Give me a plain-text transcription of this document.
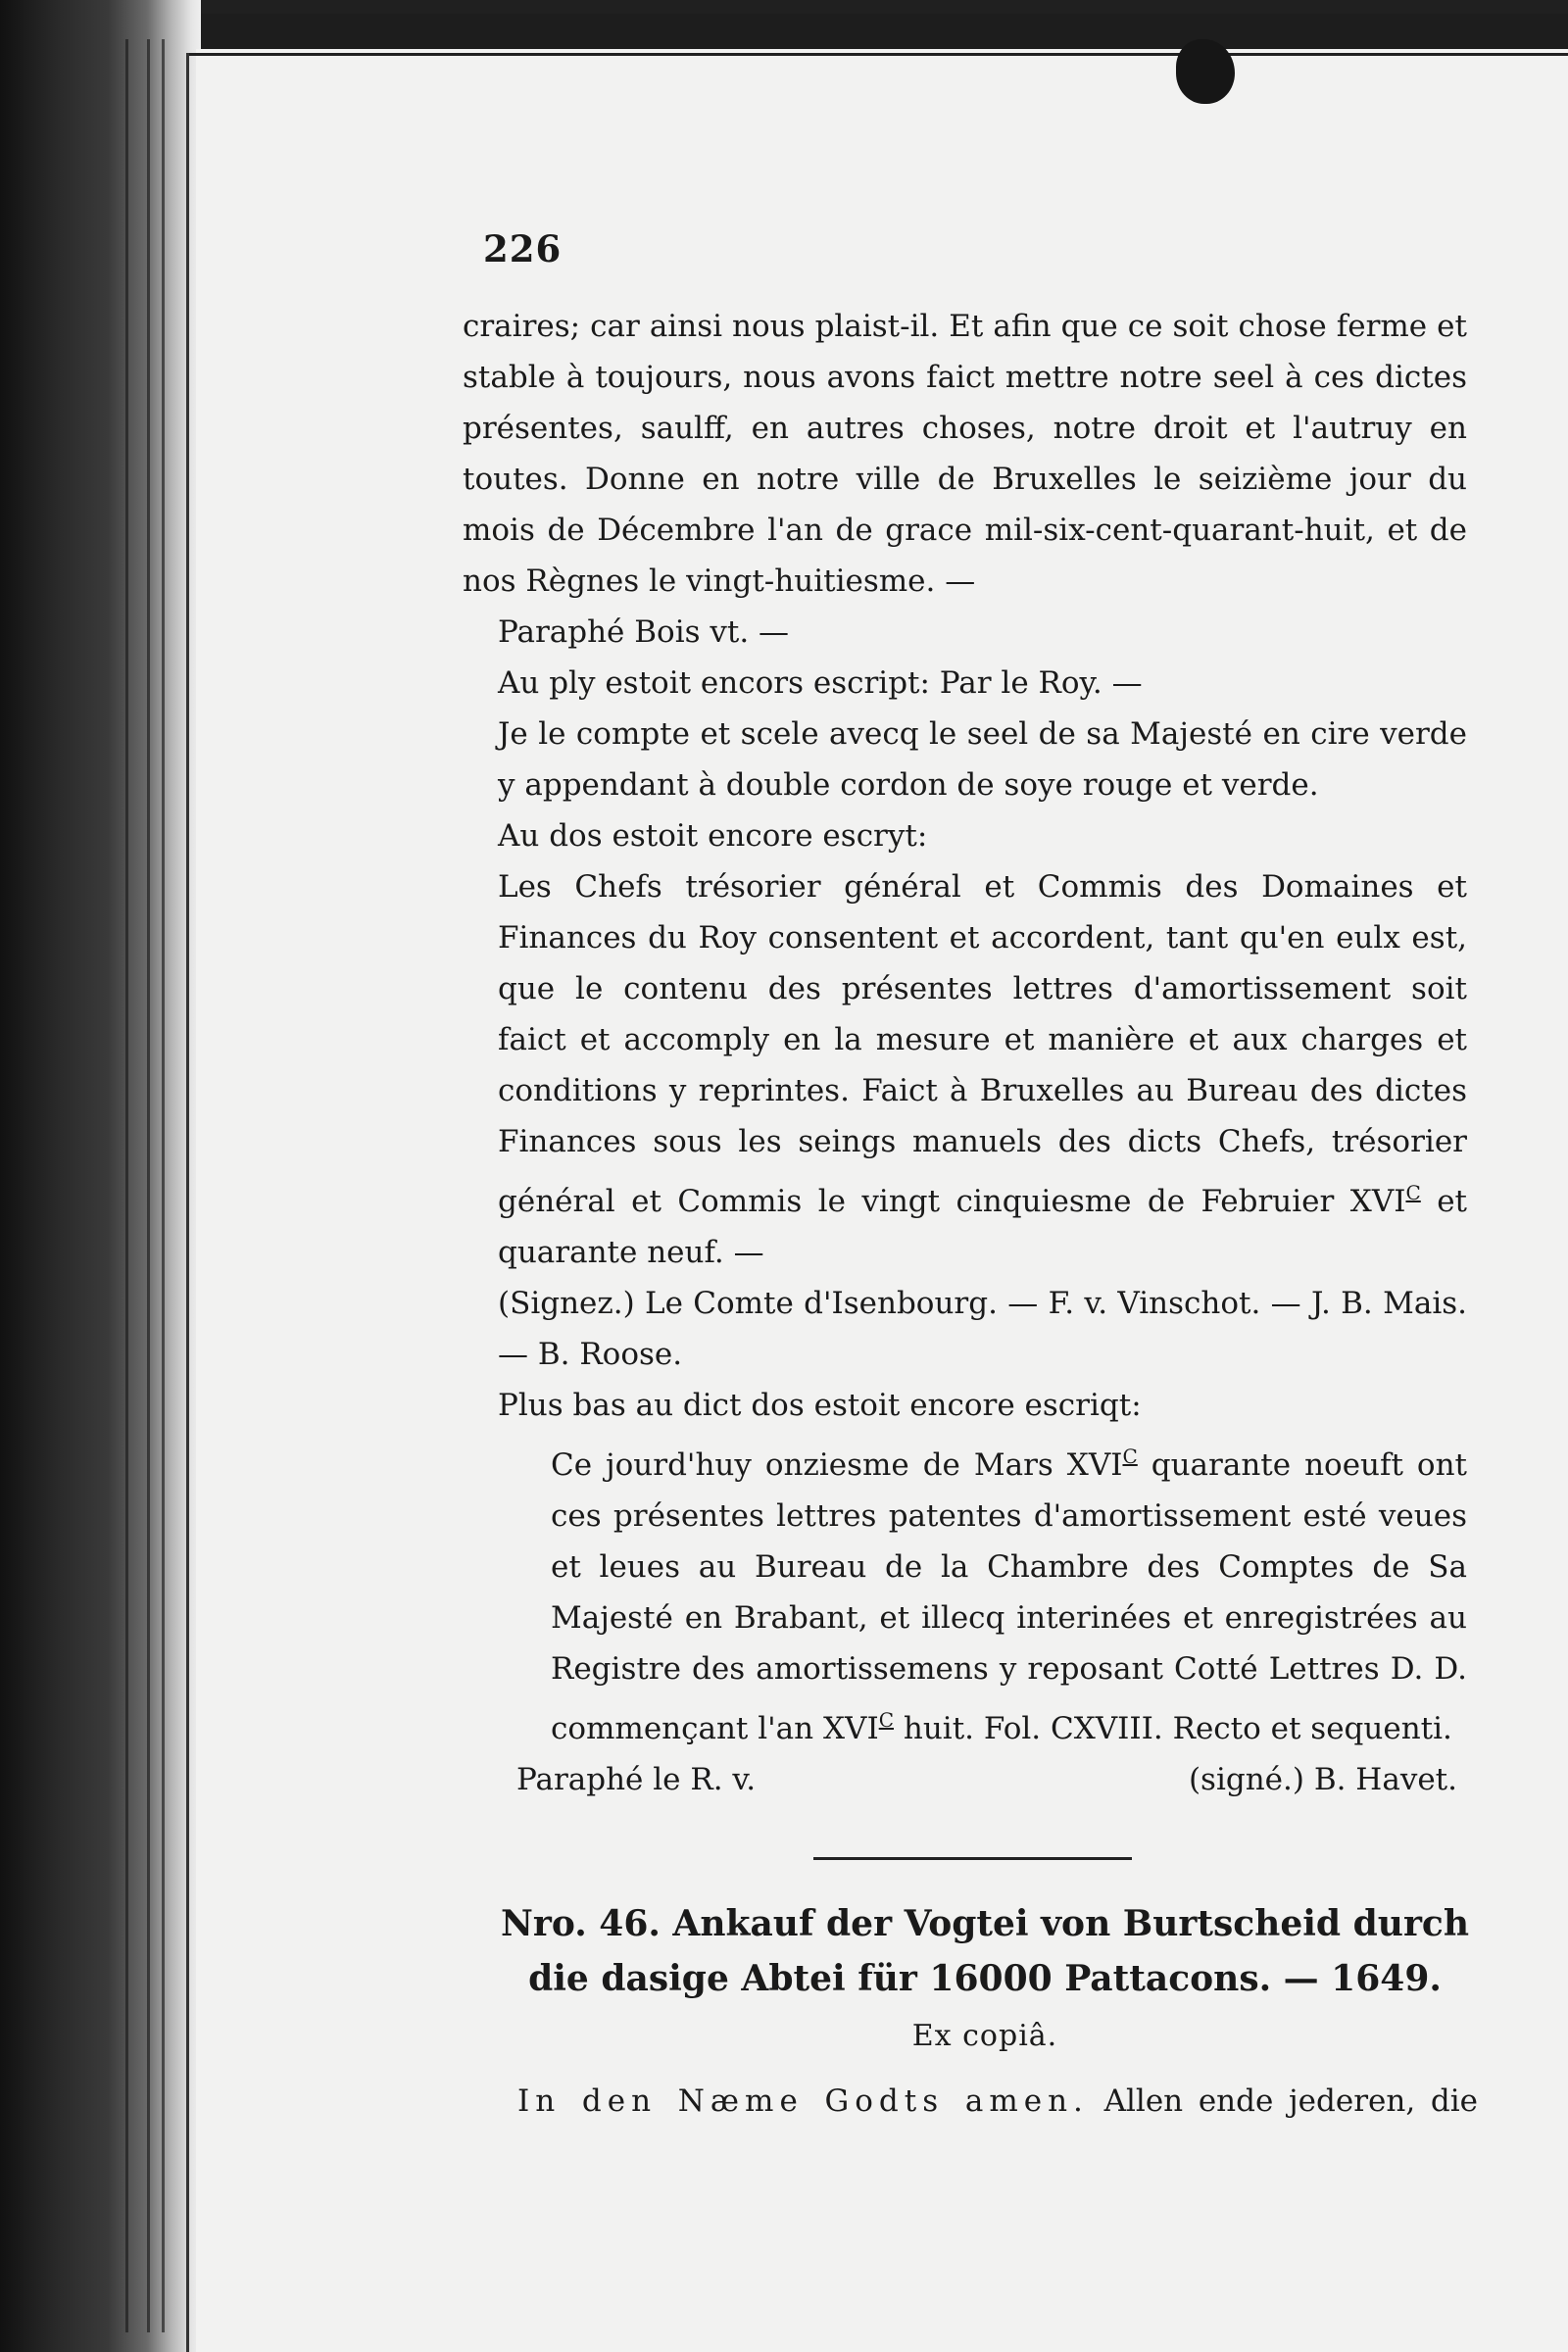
226

craires; car ainsi nous plaist-il. Et afin que ce soit chose ferme et stable à toujours, nous avons faict mettre notre seel à ces dictes présentes, saulff, en autres choses, notre droit et l'autruy en toutes. Donne en notre ville de Bruxelles le seizième jour du mois de Décembre l'an de grace mil-six-cent-quarant-huit, et de nos Règnes le vingt-huitiesme. —

Paraphé Bois vt. —

Au ply estoit encors escript: Par le Roy. —

Je le compte et scele avecq le seel de sa Majesté en cire verde y appendant à double cordon de soye rouge et verde.

Au dos estoit encore escryt:

Les Chefs trésorier général et Commis des Domaines et Finances du Roy consentent et accordent, tant qu'en eulx est, que le contenu des présentes lettres d'amortissement soit faict et accomply en la mesure et manière et aux charges et conditions y reprintes. Faict à Bruxelles au Bureau des dictes Finances sous les seings manuels des dicts Chefs, trésorier général et Commis le vingt cinquiesme de Februier $XVI^C$ et quarante neuf. —

(Signez.) Le Comte d'Isenbourg. — F. v. Vinschot. — J. B. Mais. — B. Roose.

Plus bas au dict dos estoit encore escriqt:

Ce jourd'huy onziesme de Mars $XVI^C$ quarante noeuft ont ces présentes lettres patentes d'amortissement esté veues et leues au Bureau de la Chambre des Comptes de Sa Majesté en Brabant, et illecq interinées et enregistrées au Registre des amortissemens y reposant Cotté Lettres D. D. commençant l'an $XVI^C$ huit. Fol. CXVIII. Recto et sequenti.

Paraphé le R. v.	(signé.) B. Havet.
Nro. 46. Ankauf der Vogtei von Burtscheid durch die dasige Abtei für 16000 Pattacons. — 1649.
Ex copiâ.
In den Næme Godts amen. Allen ende jederen, die
